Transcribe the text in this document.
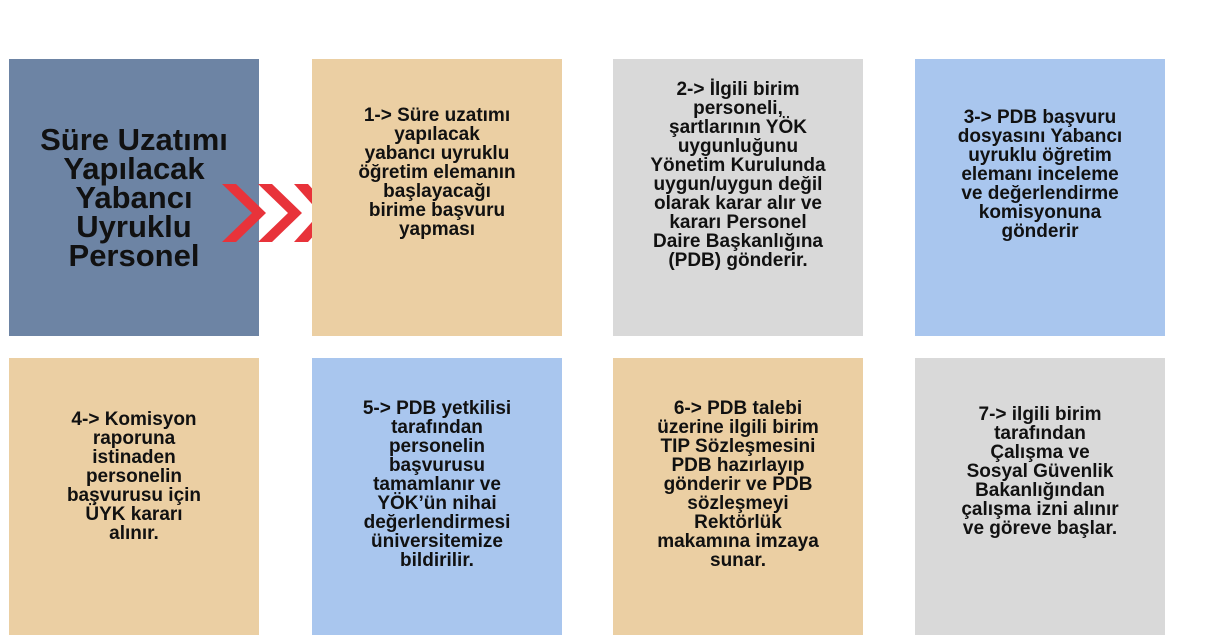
Süre Uzatımı
Yapılacak
Yabancı
Uyruklu
Personel
1-> Süre uzatımı
yapılacak
yabancı uyruklu
öğretim elemanın
başlayacağı
birime başvuru
yapması
2-> İlgili birim
personeli,
şartlarının YÖK
uygunluğunu
Yönetim Kurulunda
uygun/uygun değil
olarak karar alır ve
kararı Personel
Daire Başkanlığına
(PDB) gönderir.
3-> PDB başvuru
dosyasını Yabancı
uyruklu öğretim
elemanı inceleme
ve değerlendirme
komisyonuna
gönderir
4-> Komisyon
raporuna
istinaden
personelin
başvurusu için
ÜYK kararı
alınır.
5-> PDB yetkilisi
tarafından
personelin
başvurusu
tamamlanır ve
YÖK’ün nihai
değerlendirmesi
üniversitemize
bildirilir.
6-> PDB talebi
üzerine ilgili birim
TIP Sözleşmesini
PDB hazırlayıp
gönderir ve PDB
sözleşmeyi
Rektörlük
makamına imzaya
sunar.
7-> ilgili birim
tarafından
Çalışma ve
Sosyal Güvenlik
Bakanlığından
çalışma izni alınır
ve göreve başlar.
